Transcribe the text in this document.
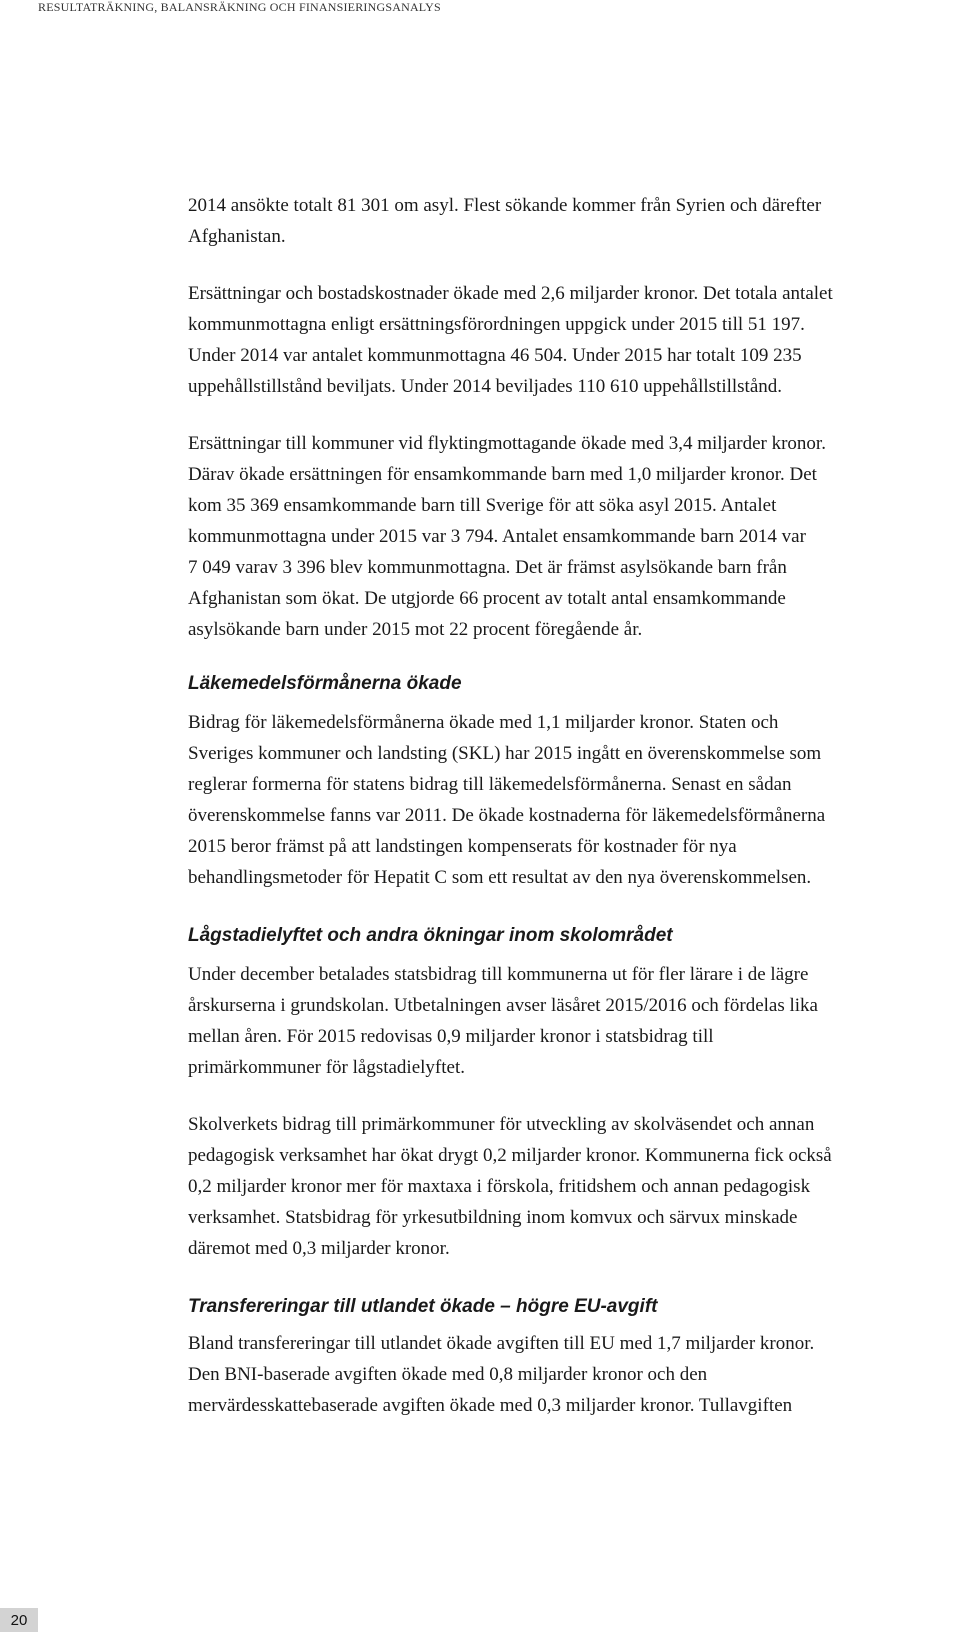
RESULTATRÄKNING, BALANSRÄKNING OCH FINANSIERINGSANALYS

2014 ansökte totalt 81 301 om asyl. Flest sökande kommer från Syrien och därefter
Afghanistan.

Ersättningar och bostadskostnader ökade med 2,6 miljarder kronor. Det totala antalet
kommunmottagna enligt ersättningsförordningen uppgick under 2015 till 51 197.
Under 2014 var antalet kommunmottagna 46 504. Under 2015 har totalt 109 235
uppehållstillstånd beviljats. Under 2014 beviljades 110 610 uppehållstillstånd.

Ersättningar till kommuner vid flyktingmottagande ökade med 3,4 miljarder kronor.
Därav ökade ersättningen för ensamkommande barn med 1,0 miljarder kronor. Det
kom 35 369 ensamkommande barn till Sverige för att söka asyl 2015. Antalet
kommunmottagna under 2015 var 3 794. Antalet ensamkommande barn 2014 var
7 049 varav 3 396 blev kommunmottagna. Det är främst asylsökande barn från
Afghanistan som ökat. De utgjorde 66 procent av totalt antal ensamkommande
asylsökande barn under 2015 mot 22 procent föregående år.

Läkemedelsförmånerna ökade

Bidrag för läkemedelsförmånerna ökade med 1,1 miljarder kronor. Staten och
Sveriges kommuner och landsting (SKL) har 2015 ingått en överenskommelse som
reglerar formerna för statens bidrag till läkemedelsförmånerna. Senast en sådan
överenskommelse fanns var 2011. De ökade kostnaderna för läkemedelsförmånerna
2015 beror främst på att landstingen kompenserats för kostnader för nya
behandlingsmetoder för Hepatit C som ett resultat av den nya överenskommelsen.

Lågstadielyftet och andra ökningar inom skolområdet

Under december betalades statsbidrag till kommunerna ut för fler lärare i de lägre
årskurserna i grundskolan. Utbetalningen avser läsåret 2015/2016 och fördelas lika
mellan åren. För 2015 redovisas 0,9 miljarder kronor i statsbidrag till
primärkommuner för lågstadielyftet.

Skolverkets bidrag till primärkommuner för utveckling av skolväsendet och annan
pedagogisk verksamhet har ökat drygt 0,2 miljarder kronor. Kommunerna fick också
0,2 miljarder kronor mer för maxtaxa i förskola, fritidshem och annan pedagogisk
verksamhet. Statsbidrag för yrkesutbildning inom komvux och särvux minskade
däremot med 0,3 miljarder kronor.

Transfereringar till utlandet ökade – högre EU-avgift

Bland transfereringar till utlandet ökade avgiften till EU med 1,7 miljarder kronor.
Den BNI-baserade avgiften ökade med 0,8 miljarder kronor och den
mervärdesskattebaserade avgiften ökade med 0,3 miljarder kronor. Tullavgiften

20
